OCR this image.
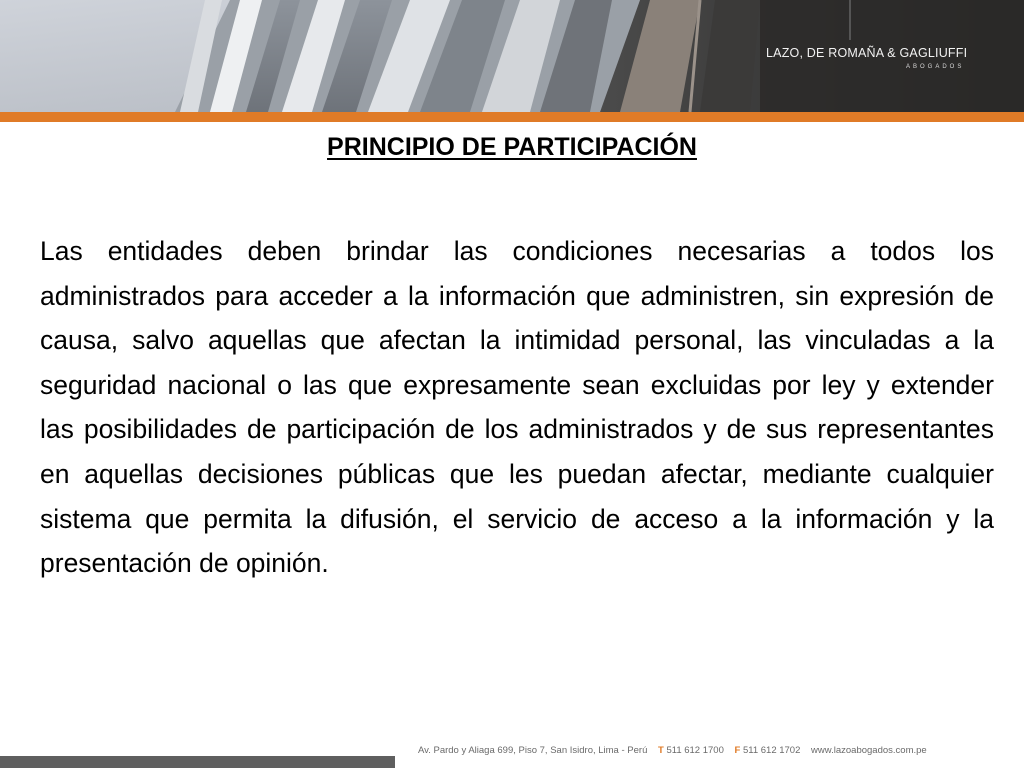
LAZO, DE ROMAÑA & GAGLIUFFI
ABOGADOS
PRINCIPIO DE PARTICIPACIÓN

Las entidades deben brindar las condiciones necesarias a todos los administrados para acceder a la información que administren, sin expresión de causa, salvo aquellas que afectan la intimidad personal, las vinculadas a la seguridad nacional o las que expresamente sean excluidas por ley y extender las posibilidades de participación de los administrados y de sus representantes en aquellas decisiones públicas que les puedan afectar, mediante cualquier sistema que permita la difusión, el servicio de acceso a la información y la presentación de opinión.

Av. Pardo y Aliaga 699, Piso 7, San Isidro, Lima - Perú T 511 612 1700 F 511 612 1702 www.lazoabogados.com.pe
